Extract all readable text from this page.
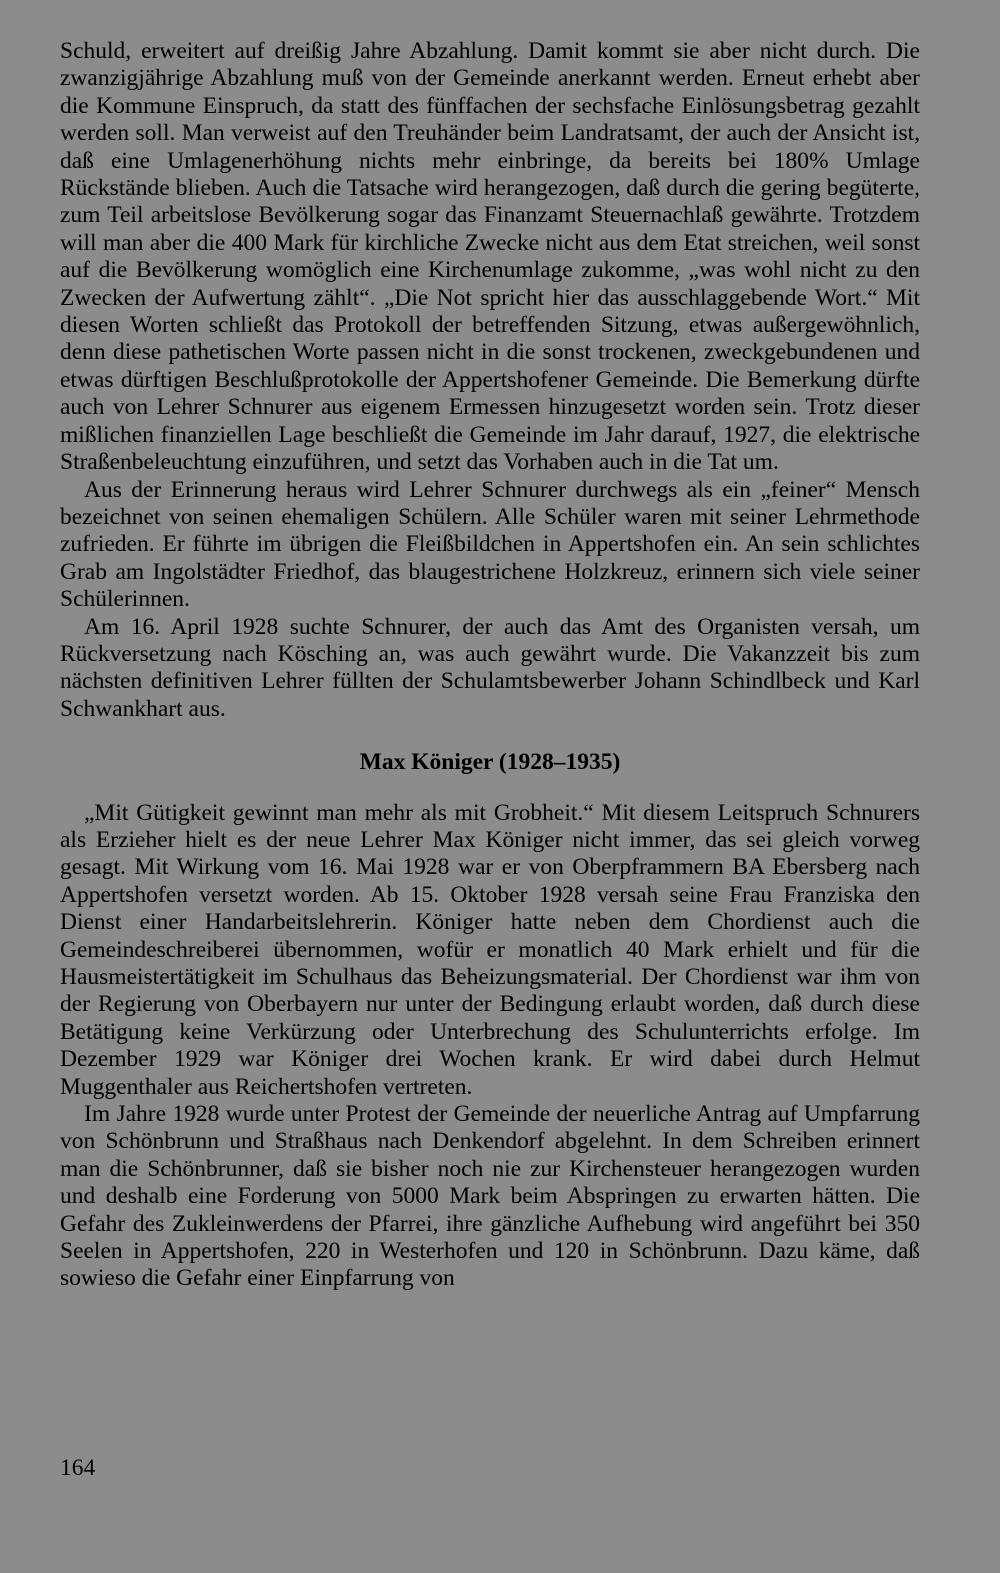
Schuld, erweitert auf dreißig Jahre Abzahlung. Damit kommt sie aber nicht durch. Die zwanzigjährige Abzahlung muß von der Gemeinde anerkannt werden. Erneut erhebt aber die Kommune Einspruch, da statt des fünffachen der sechsfache Einlösungsbetrag gezahlt werden soll. Man verweist auf den Treuhänder beim Landratsamt, der auch der Ansicht ist, daß eine Umlagenerhöhung nichts mehr einbringe, da bereits bei 180% Umlage Rückstände blieben. Auch die Tatsache wird herangezogen, daß durch die gering begüterte, zum Teil arbeitslose Bevölkerung sogar das Finanzamt Steuernachlaß gewährte. Trotzdem will man aber die 400 Mark für kirchliche Zwecke nicht aus dem Etat streichen, weil sonst auf die Bevölkerung womöglich eine Kirchenumlage zukomme, „was wohl nicht zu den Zwecken der Aufwertung zählt“. „Die Not spricht hier das ausschlaggebende Wort.“ Mit diesen Worten schließt das Protokoll der betreffenden Sitzung, etwas außergewöhnlich, denn diese pathetischen Worte passen nicht in die sonst trockenen, zweckgebundenen und etwas dürftigen Beschlußprotokolle der Appertshofener Gemeinde. Die Bemerkung dürfte auch von Lehrer Schnurer aus eigenem Ermessen hinzugesetzt worden sein. Trotz dieser mißlichen finanziellen Lage beschließt die Gemeinde im Jahr darauf, 1927, die elektrische Straßenbeleuchtung einzuführen, und setzt das Vorhaben auch in die Tat um.

Aus der Erinnerung heraus wird Lehrer Schnurer durchwegs als ein „feiner“ Mensch bezeichnet von seinen ehemaligen Schülern. Alle Schüler waren mit seiner Lehrmethode zufrieden. Er führte im übrigen die Fleißbildchen in Appertshofen ein. An sein schlichtes Grab am Ingolstädter Friedhof, das blaugestrichene Holzkreuz, erinnern sich viele seiner Schülerinnen.

Am 16. April 1928 suchte Schnurer, der auch das Amt des Organisten versah, um Rückversetzung nach Kösching an, was auch gewährt wurde. Die Vakanzzeit bis zum nächsten definitiven Lehrer füllten der Schulamtsbewerber Johann Schindlbeck und Karl Schwankhart aus.

Max Königer (1928–1935)

„Mit Gütigkeit gewinnt man mehr als mit Grobheit.“ Mit diesem Leitspruch Schnurers als Erzieher hielt es der neue Lehrer Max Königer nicht immer, das sei gleich vorweg gesagt. Mit Wirkung vom 16. Mai 1928 war er von Oberpframmern BA Ebersberg nach Appertshofen versetzt worden. Ab 15. Oktober 1928 versah seine Frau Franziska den Dienst einer Handarbeitslehrerin. Königer hatte neben dem Chordienst auch die Gemeindeschreiberei übernommen, wofür er monatlich 40 Mark erhielt und für die Hausmeistertätigkeit im Schulhaus das Beheizungsmaterial. Der Chordienst war ihm von der Regierung von Oberbayern nur unter der Bedingung erlaubt worden, daß durch diese Betätigung keine Verkürzung oder Unterbrechung des Schulunterrichts erfolge. Im Dezember 1929 war Königer drei Wochen krank. Er wird dabei durch Helmut Muggenthaler aus Reichertshofen vertreten.

Im Jahre 1928 wurde unter Protest der Gemeinde der neuerliche Antrag auf Umpfarrung von Schönbrunn und Straßhaus nach Denkendorf abgelehnt. In dem Schreiben erinnert man die Schönbrunner, daß sie bisher noch nie zur Kirchensteuer herangezogen wurden und deshalb eine Forderung von 5000 Mark beim Abspringen zu erwarten hätten. Die Gefahr des Zukleinwerdens der Pfarrei, ihre gänzliche Aufhebung wird angeführt bei 350 Seelen in Appertshofen, 220 in Westerhofen und 120 in Schönbrunn. Dazu käme, daß sowieso die Gefahr einer Einpfarrung von

164
